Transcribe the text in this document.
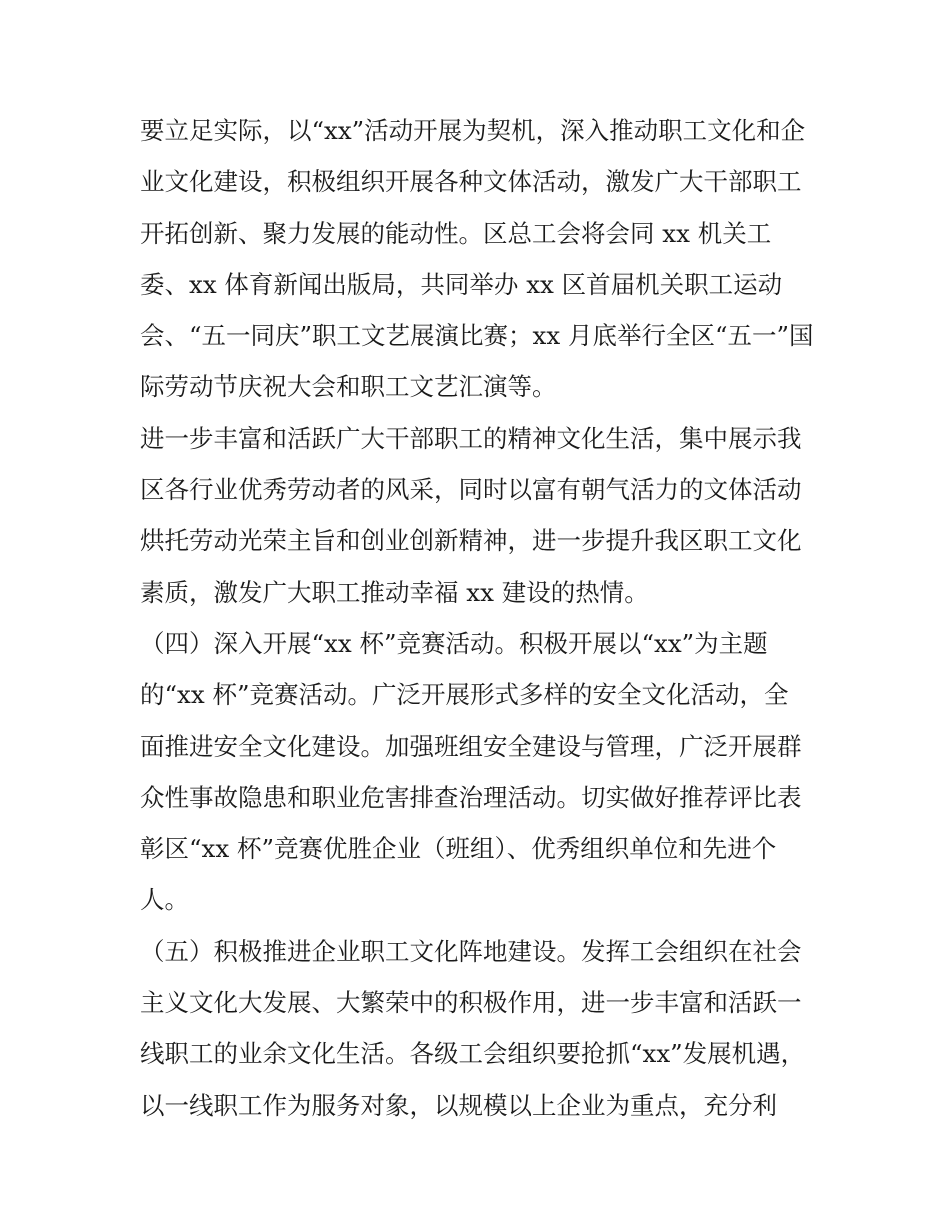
要立足实际，以“xx”活动开展为契机，深入推动职工文化和企
业文化建设，积极组织开展各种文体活动，激发广大干部职工
开拓创新、聚力发展的能动性。区总工会将会同 xx 机关工
委、xx 体育新闻出版局，共同举办 xx 区首届机关职工运动
会、“五一同庆”职工文艺展演比赛；xx 月底举行全区“五一”国
际劳动节庆祝大会和职工文艺汇演等。
进一步丰富和活跃广大干部职工的精神文化生活，集中展示我
区各行业优秀劳动者的风采，同时以富有朝气活力的文体活动
烘托劳动光荣主旨和创业创新精神，进一步提升我区职工文化
素质，激发广大职工推动幸福 xx 建设的热情。
（四）深入开展“xx 杯”竞赛活动。积极开展以“xx”为主题
的“xx 杯”竞赛活动。广泛开展形式多样的安全文化活动，全
面推进安全文化建设。加强班组安全建设与管理，广泛开展群
众性事故隐患和职业危害排查治理活动。切实做好推荐评比表
彰区“xx 杯”竞赛优胜企业（班组）、优秀组织单位和先进个
人。
（五）积极推进企业职工文化阵地建设。发挥工会组织在社会
主义文化大发展、大繁荣中的积极作用，进一步丰富和活跃一
线职工的业余文化生活。各级工会组织要抢抓“xx”发展机遇，
以一线职工作为服务对象，以规模以上企业为重点，充分利
